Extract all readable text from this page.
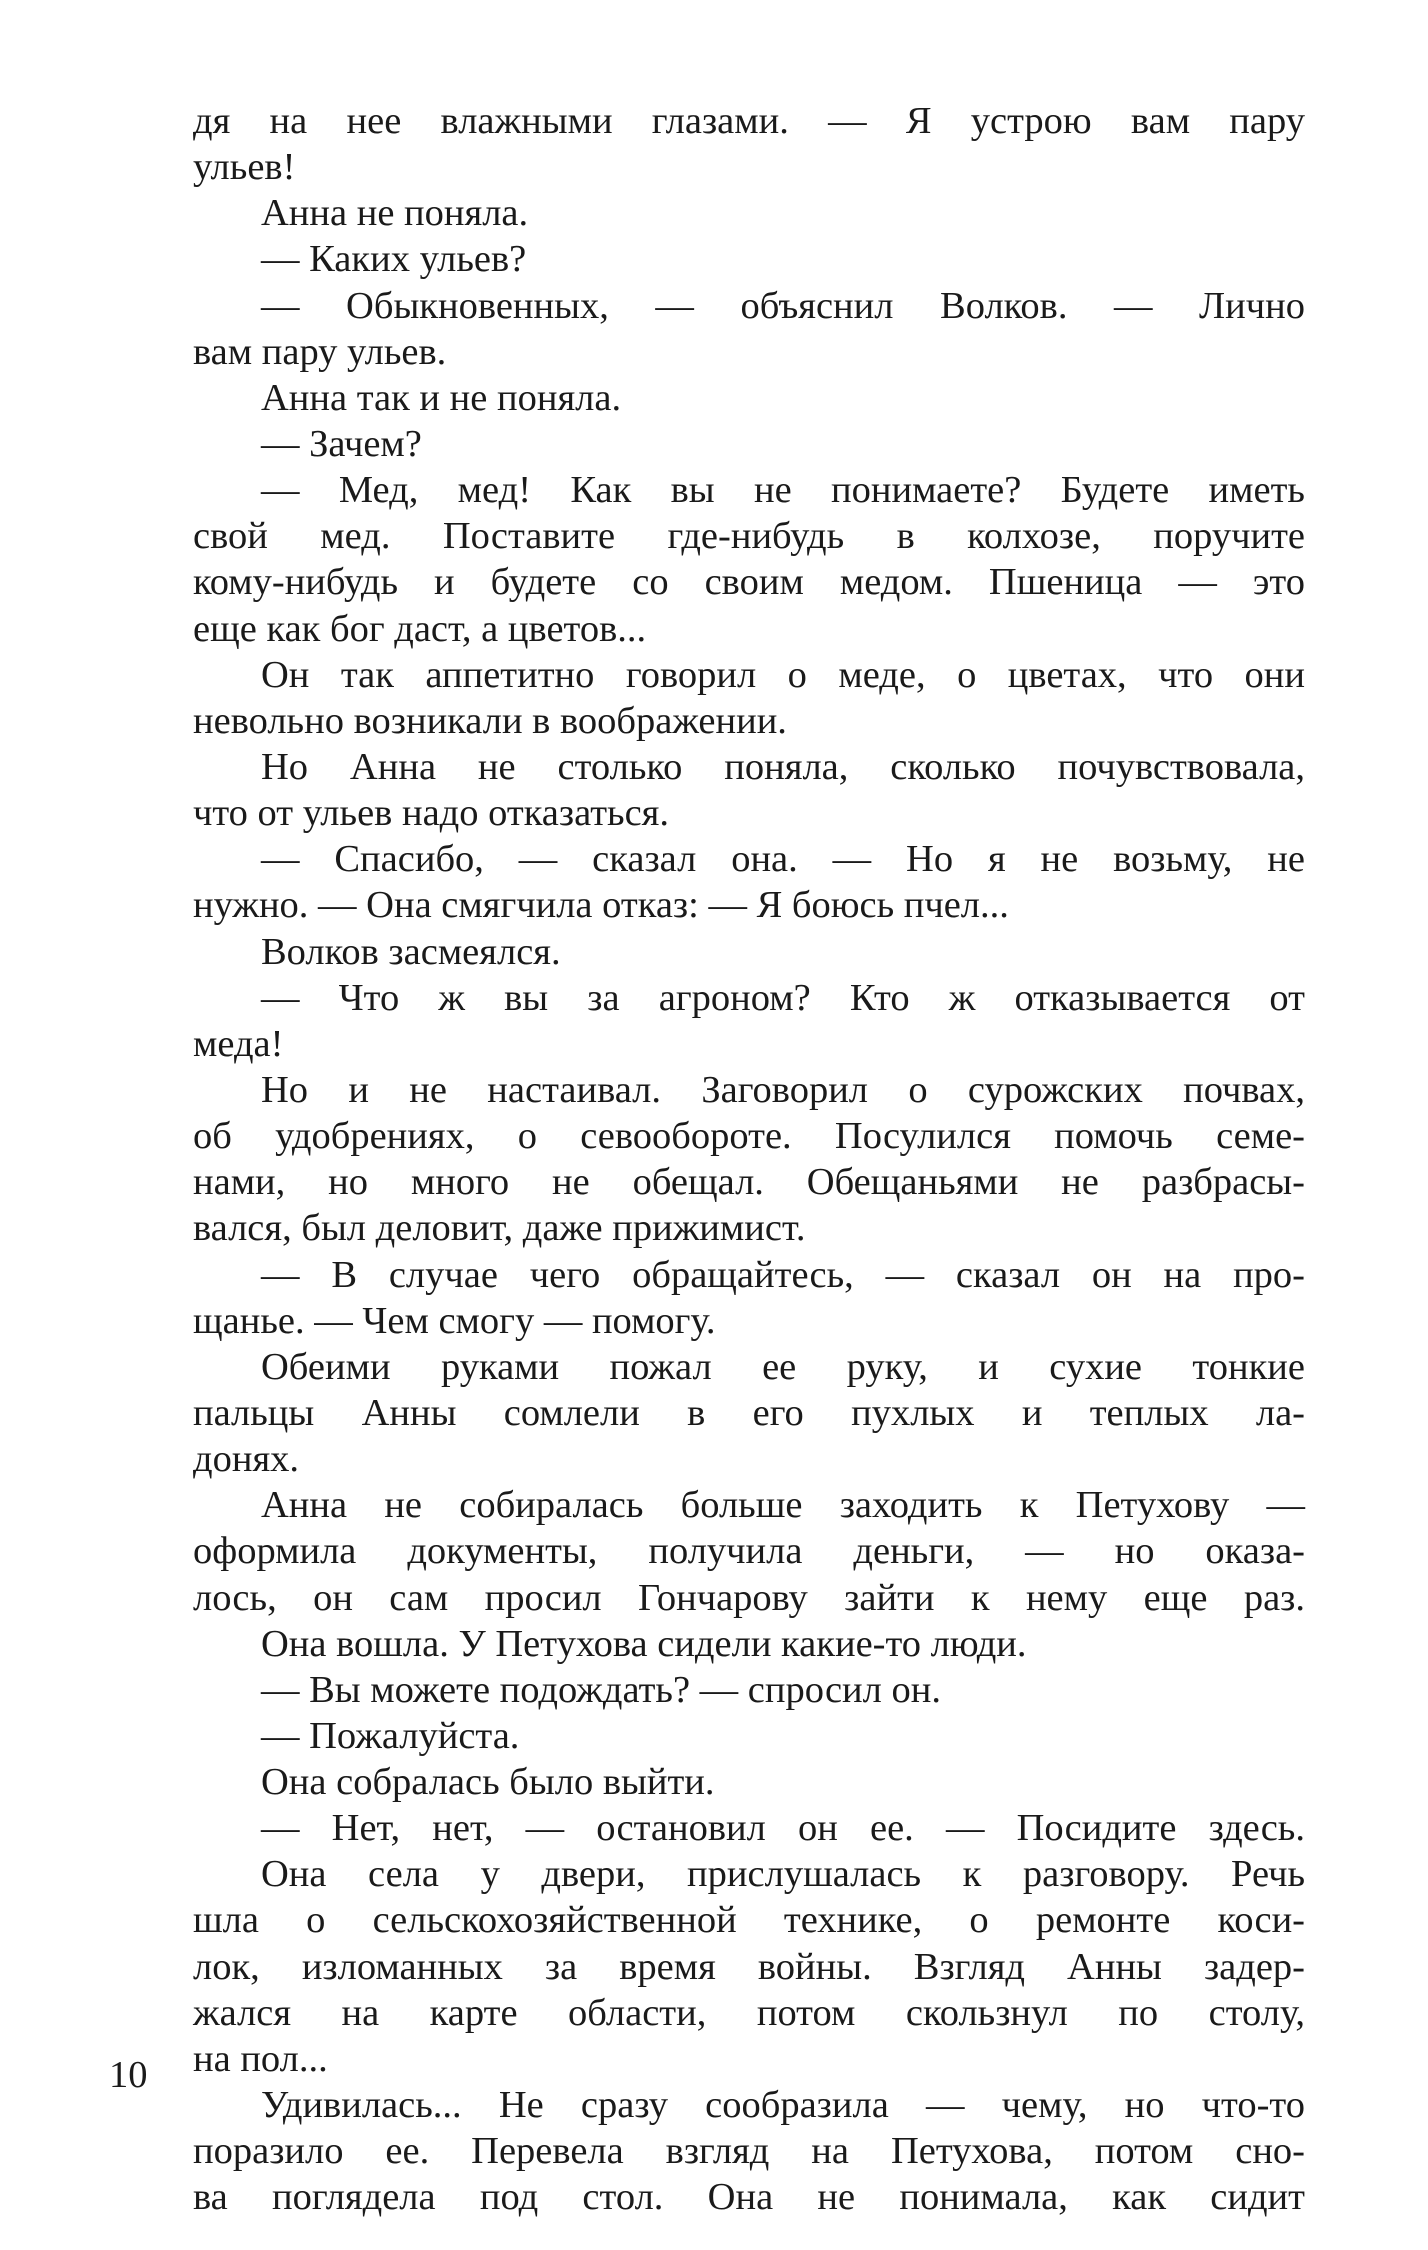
дя на нее влажными глазами. — Я устрою вам пару
ульев!
Анна не поняла.
— Каких ульев?
— Обыкновенных, — объяснил Волков. — Лично
вам пару ульев.
Анна так и не поняла.
— Зачем?
— Мед, мед! Как вы не понимаете? Будете иметь
свой мед. Поставите где-нибудь в колхозе, поручите
кому-нибудь и будете со своим медом. Пшеница — это
еще как бог даст, а цветов...
Он так аппетитно говорил о меде, о цветах, что они
невольно возникали в воображении.
Но Анна не столько поняла, сколько почувствовала,
что от ульев надо отказаться.
— Спасибо, — сказал она. — Но я не возьму, не
нужно. — Она смягчила отказ: — Я боюсь пчел...
Волков засмеялся.
— Что ж вы за агроном? Кто ж отказывается от
меда!
Но и не настаивал. Заговорил о сурожских почвах,
об удобрениях, о севообороте. Посулился помочь семе-
нами, но много не обещал. Обещаньями не разбрасы-
вался, был деловит, даже прижимист.
— В случае чего обращайтесь, — сказал он на про-
щанье. — Чем смогу — помогу.
Обеими руками пожал ее руку, и сухие тонкие
пальцы Анны сомлели в его пухлых и теплых ла-
донях.
Анна не собиралась больше заходить к Петухову —
оформила документы, получила деньги, — но оказа-
лось, он сам просил Гончарову зайти к нему еще раз.
Она вошла. У Петухова сидели какие-то люди.
— Вы можете подождать? — спросил он.
— Пожалуйста.
Она собралась было выйти.
— Нет, нет, — остановил он ее. — Посидите здесь.
Она села у двери, прислушалась к разговору. Речь
шла о сельскохозяйственной технике, о ремонте коси-
лок, изломанных за время войны. Взгляд Анны задер-
жался на карте области, потом скользнул по столу,
на пол...
Удивилась... Не сразу сообразила — чему, но что-то
поразило ее. Перевела взгляд на Петухова, потом сно-
ва поглядела под стол. Она не понимала, как сидит
10
